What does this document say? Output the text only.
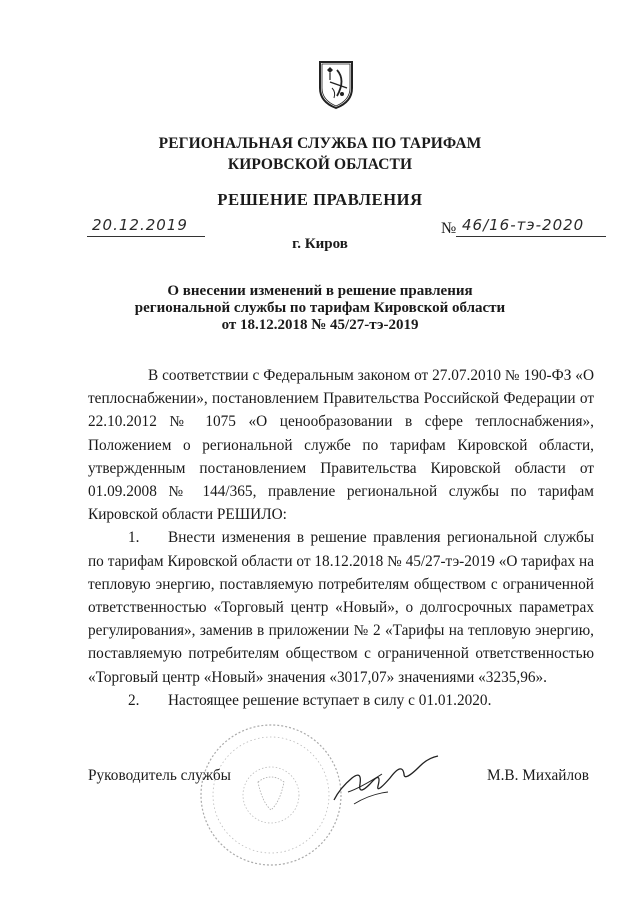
РЕГИОНАЛЬНАЯ СЛУЖБА ПО ТАРИФАМ
КИРОВСКОЙ ОБЛАСТИ
РЕШЕНИЕ ПРАВЛЕНИЯ
20.12.2019	№ 46/16-тэ-2020
г. Киров
О внесении изменений в решение правления
региональной службы по тарифам Кировской области
от 18.12.2018 № 45/27-тэ-2019

В соответствии с Федеральным законом от 27.07.2010 № 190-ФЗ «О теплоснабжении», постановлением Правительства Российской Федерации от 22.10.2012 № 1075 «О ценообразовании в сфере теплоснабжения», Положением о региональной службе по тарифам Кировской области, утвержденным постановлением Правительства Кировской области от 01.09.2008 № 144/365, правление региональной службы по тарифам Кировской области РЕШИЛО:

1. Внести изменения в решение правления региональной службы по тарифам Кировской области от 18.12.2018 № 45/27-тэ-2019 «О тарифах на тепловую энергию, поставляемую потребителям обществом с ограниченной ответственностью «Торговый центр «Новый», о долгосрочных параметрах регулирования», заменив в приложении № 2 «Тарифы на тепловую энергию, поставляемую потребителям обществом с ограниченной ответственностью «Торговый центр «Новый» значения «3017,07» значениями «3235,96».

2. Настоящее решение вступает в силу с 01.01.2020.

Руководитель службы	М.В. Михайлов
